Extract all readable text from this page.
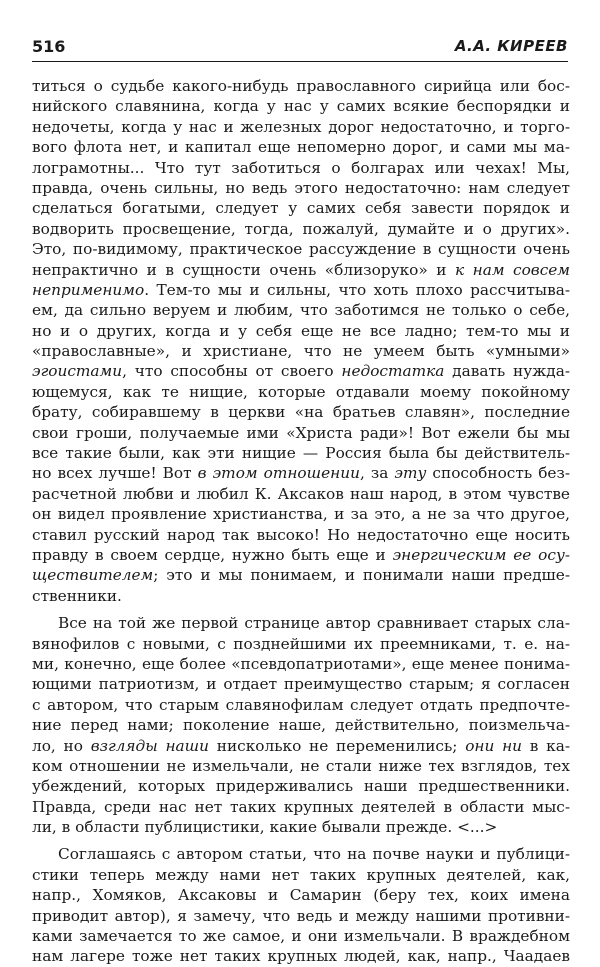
516	А.А. КИРЕЕВ
титься о судьбе какого-нибудь православного сирийца или бос-
нийского славянина, когда у нас у самих всякие беспорядки и
недочеты, когда у нас и железных дорог недостаточно, и торго-
вого флота нет, и капитал еще непомерно дорог, и сами мы ма-
лограмотны... Что тут заботиться о болгарах или чехах! Мы,
правда, очень сильны, но ведь этого недостаточно: нам следует
сделаться богатыми, следует у самих себя завести порядок и
водворить просвещение, тогда, пожалуй, думайте и о других».
Это, по-видимому, практическое рассуждение в сущности очень
непрактично и в сущности очень «близоруко» и к нам совсем
неприменимо. Тем-то мы и сильны, что хоть плохо рассчитыва-
ем, да сильно веруем и любим, что заботимся не только о себе,
но и о других, когда и у себя еще не все ладно; тем-то мы и
«православные», и христиане, что не умеем быть «умными»
эгоистами, что способны от своего недостатка давать нужда-
ющемуся, как те нищие, которые отдавали моему покойному
брату, собиравшему в церкви «на братьев славян», последние
свои гроши, получаемые ими «Христа ради»! Вот ежели бы мы
все такие были, как эти нищие — Россия была бы действитель-
но всех лучше! Вот в этом отношении, за эту способность без-
расчетной любви и любил К. Аксаков наш народ, в этом чувстве
он видел проявление христианства, и за это, а не за что другое,
ставил русский народ так высоко! Но недостаточно еще носить
правду в своем сердце, нужно быть еще и энергическим ее осу-
ществителем; это и мы понимаем, и понимали наши предше-
ственники.
Все на той же первой странице автор сравнивает старых сла-
вянофилов с новыми, с позднейшими их преемниками, т. е. на-
ми, конечно, еще более «псевдопатриотами», еще менее понима-
ющими патриотизм, и отдает преимущество старым; я согласен
с автором, что старым славянофилам следует отдать предпочте-
ние перед нами; поколение наше, действительно, поизмельча-
ло, но взгляды наши нисколько не переменились; они ни в ка-
ком отношении не измельчали, не стали ниже тех взглядов, тех
убеждений, которых придерживались наши предшественники.
Правда, среди нас нет таких крупных деятелей в области мыс-
ли, в области публицистики, какие бывали прежде. <...>
Соглашаясь с автором статьи, что на почве науки и публици-
стики теперь между нами нет таких крупных деятелей, как,
напр., Хомяков, Аксаковы и Самарин (беру тех, коих имена
приводит автор), я замечу, что ведь и между нашими противни-
ками замечается то же самое, и они измельчали. В враждебном
нам лагере тоже нет таких крупных людей, как, напр., Чаадаев
